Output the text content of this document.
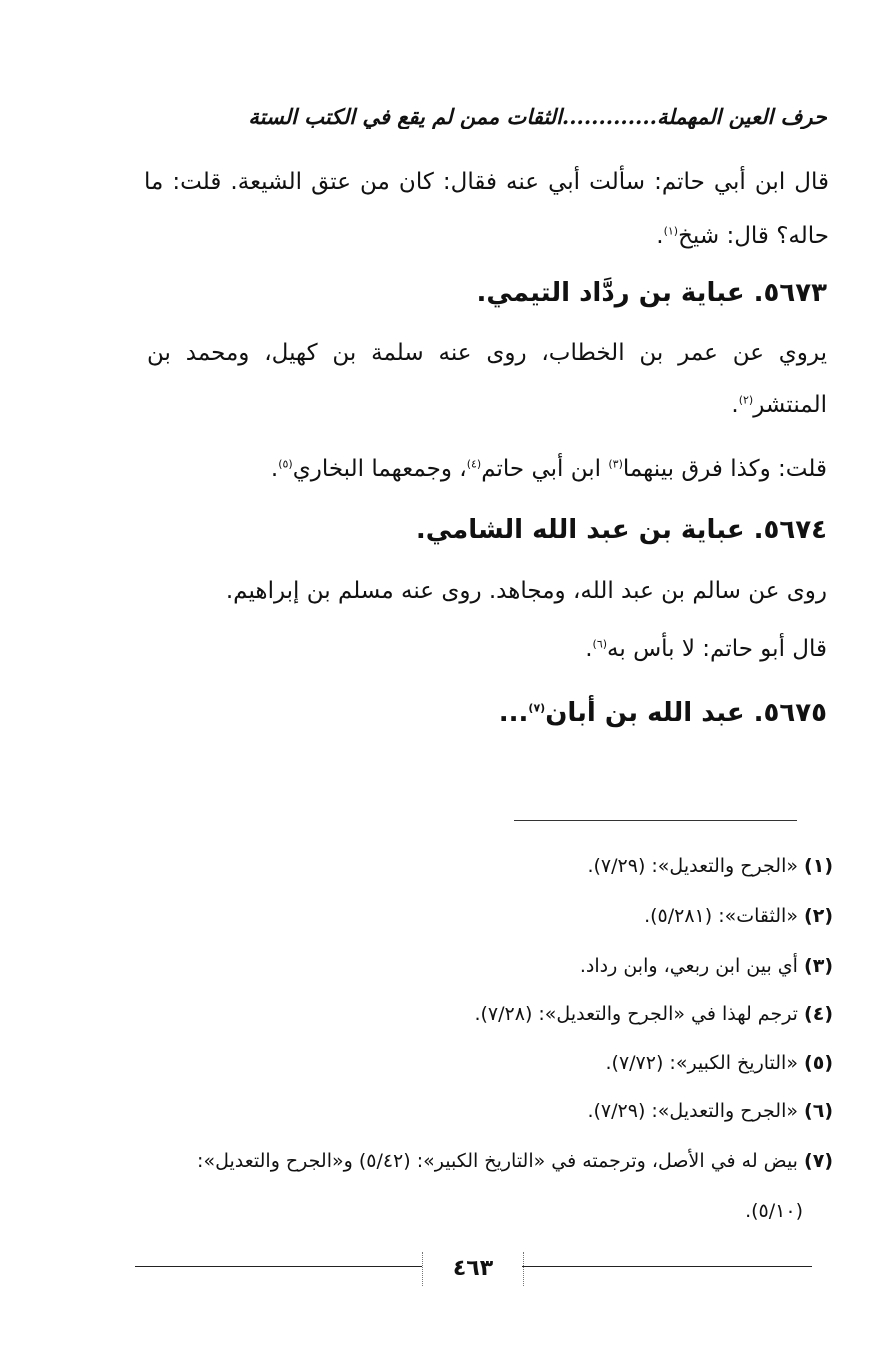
حرف العين المهملة.............الثقات ممن لم يقع في الكتب الستة
قال ابن أبي حاتم: سألت أبي عنه فقال: كان من عتق الشيعة. قلت: ما حاله؟ قال: شيخ$^{(١)}$.
٥٦٧٣. عباية بن ردَّاد التيمي.
يروي عن عمر بن الخطاب، روى عنه سلمة بن كهيل، ومحمد بن
المنتشر$^{(٢)}$.
قلت: وكذا فرق بينهما$^{(٣)}$ ابن أبي حاتم$^{(٤)}$، وجمعهما البخاري$^{(٥)}$.
٥٦٧٤. عباية بن عبد الله الشامي.
روى عن سالم بن عبد الله، ومجاهد. روى عنه مسلم بن إبراهيم.
قال أبو حاتم: لا بأس به$^{(٦)}$.
٥٦٧٥. عبد الله بن أبان$^{(٧)}$...
(١) «الجرح والتعديل»: (٧/٢٩).
(٢) «الثقات»: (٥/٢٨١).
(٣) أي بين ابن ربعي، وابن رداد.
(٤) ترجم لهذا في «الجرح والتعديل»: (٧/٢٨).
(٥) «التاريخ الكبير»: (٧/٧٢).
(٦) «الجرح والتعديل»: (٧/٢٩).
(٧) بيض له في الأصل، وترجمته في «التاريخ الكبير»: (٥/٤٢) و«الجرح والتعديل»:
(٥/١٠).
٤٦٣
